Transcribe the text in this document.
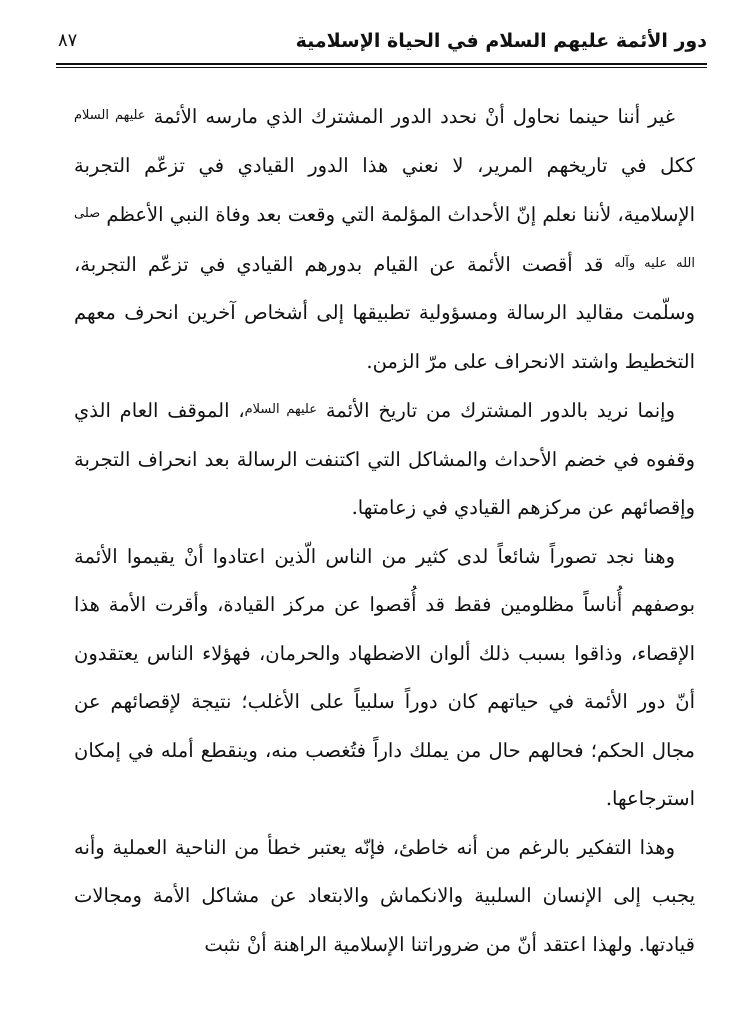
دور الأئمة عليهم السلام في الحياة الإسلامية
٨٧

غير أننا حينما نحاول أنْ نحدد الدور المشترك الذي مارسه الأئمة $^{عليهم السلام}$ ككل في تاريخهم المرير، لا نعني هذا الدور القيادي في تزعّم التجربة الإسلامية، لأننا نعلم إنّ الأحداث المؤلمة التي وقعت بعد وفاة النبي الأعظم $^{صلى الله عليه وآله}$ قد أقصت الأئمة عن القيام بدورهم القيادي في تزعّم التجربة، وسلّمت مقاليد الرسالة ومسؤولية تطبيقها إلى أشخاص آخرين انحرف معهم التخطيط واشتد الانحراف على مرّ الزمن.

وإنما نريد بالدور المشترك من تاريخ الأئمة $^{عليهم السلام}$، الموقف العام الذي وقفوه في خضم الأحداث والمشاكل التي اكتنفت الرسالة بعد انحراف التجربة وإقصائهم عن مركزهم القيادي في زعامتها.

وهنا نجد تصوراً شائعاً لدى كثير من الناس الّذين اعتادوا أنْ يقيموا الأئمة بوصفهم أُناساً مظلومين فقط قد أُقصوا عن مركز القيادة، وأقرت الأمة هذا الإقصاء، وذاقوا بسبب ذلك ألوان الاضطهاد والحرمان، فهؤلاء الناس يعتقدون أنّ دور الأئمة في حياتهم كان دوراً سلبياً على الأغلب؛ نتيجة لإقصائهم عن مجال الحكم؛ فحالهم حال من يملك داراً فتُغصب منه، وينقطع أمله في إمكان استرجاعها.

وهذا التفكير بالرغم من أنه خاطئ، فإنّه يعتبر خطأ من الناحية العملية وأنه يجبب إلى الإنسان السلبية والانكماش والابتعاد عن مشاكل الأمة ومجالات قيادتها. ولهذا اعتقد أنّ من ضروراتنا الإسلامية الراهنة أنْ نثبت
